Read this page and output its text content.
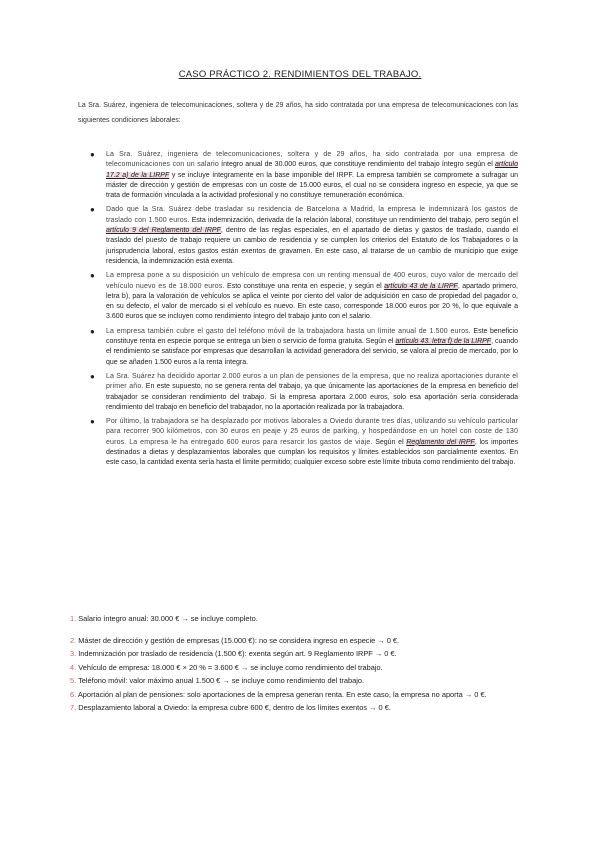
CASO PRÁCTICO 2. RENDIMIENTOS DEL TRABAJO.
La Sra. Suárez, ingeniera de telecomunicaciones, soltera y de 29 años, ha sido contratada por una empresa de telecomunicaciones con las siguientes condiciones laborales:
● La Sra. Suárez, ingeniera de telecomunicaciones, soltera y de 29 años, ha sido contratada por una empresa de telecomunicaciones con un salario íntegro anual de 30.000 euros, que constituye rendimiento del trabajo íntegro según el artículo 17.2 a) de la LIRPF y se incluye íntegramente en la base imponible del IRPF. La empresa también se compromete a sufragar un máster de dirección y gestión de empresas con un coste de 15.000 euros, el cual no se considera ingreso en especie, ya que se trata de formación vinculada a la actividad profesional y no constituye remuneración económica.
● Dado que la Sra. Suárez debe trasladar su residencia de Barcelona a Madrid, la empresa le indemnizará los gastos de traslado con 1.500 euros. Esta indemnización, derivada de la relación laboral, constituye un rendimiento del trabajo, pero según el artículo 9 del Reglamento del IRPF, dentro de las reglas especiales, en el apartado de dietas y gastos de traslado, cuando el traslado del puesto de trabajo requiere un cambio de residencia y se cumplen los criterios del Estatuto de los Trabajadores o la jurisprudencia laboral, estos gastos están exentos de gravamen. En este caso, al tratarse de un cambio de municipio que exige residencia, la indemnización está exenta.
● La empresa pone a su disposición un vehículo de empresa con un renting mensual de 400 euros, cuyo valor de mercado del vehículo nuevo es de 18.000 euros. Esto constituye una renta en especie, y según el artículo 43 de la LIRPF, apartado primero, letra b), para la valoración de vehículos se aplica el veinte por ciento del valor de adquisición en caso de propiedad del pagador o, en su defecto, el valor de mercado si el vehículo es nuevo. En este caso, corresponde 18.000 euros por 20 %, lo que equivale a 3.600 euros que se incluyen como rendimiento íntegro del trabajo junto con el salario.
● La empresa también cubre el gasto del teléfono móvil de la trabajadora hasta un límite anual de 1.500 euros. Este beneficio constituye renta en especie porque se entrega un bien o servicio de forma gratuita. Según el artículo 43. letra f) de la LIRPF, cuando el rendimiento se satisface por empresas que desarrollan la actividad generadora del servicio, se valora al precio de mercado, por lo que se añaden 1.500 euros a la renta íntegra.
● La Sra. Suárez ha decidido aportar 2.000 euros a un plan de pensiones de la empresa, que no realiza aportaciones durante el primer año. En este supuesto, no se genera renta del trabajo, ya que únicamente las aportaciones de la empresa en beneficio del trabajador se consideran rendimiento del trabajo. Si la empresa aportara 2.000 euros, solo esa aportación sería considerada rendimiento del trabajo en beneficio del trabajador, no la aportación realizada por la trabajadora.
● Por último, la trabajadora se ha desplazado por motivos laborales a Oviedo durante tres días, utilizando su vehículo particular para recorrer 900 kilómetros, con 30 euros en peaje y 25 euros de parking, y hospedándose en un hotel con coste de 130 euros. La empresa le ha entregado 600 euros para resarcir los gastos de viaje. Según el Reglamento del IRPF, los importes destinados a dietas y desplazamientos laborales que cumplan los requisitos y límites establecidos son parcialmente exentos. En este caso, la cantidad exenta sería hasta el límite permitido; cualquier exceso sobre este límite tributa como rendimiento del trabajo.
1. Salario íntegro anual: 30.000 € → se incluye completo.
2. Máster de dirección y gestión de empresas (15.000 €): no se considera ingreso en especie → 0 €.
3. Indemnización por traslado de residencia (1.500 €): exenta según art. 9 Reglamento IRPF → 0 €.
4. Vehículo de empresa: 18.000 € × 20 % = 3.600 € → se incluye como rendimiento del trabajo.
5. Teléfono móvil: valor máximo anual 1.500 € → se incluye como rendimiento del trabajo.
6. Aportación al plan de pensiones: solo aportaciones de la empresa generan renta. En este caso, la empresa no aporta → 0 €.
7. Desplazamiento laboral a Oviedo: la empresa cubre 600 €, dentro de los límites exentos → 0 €.
